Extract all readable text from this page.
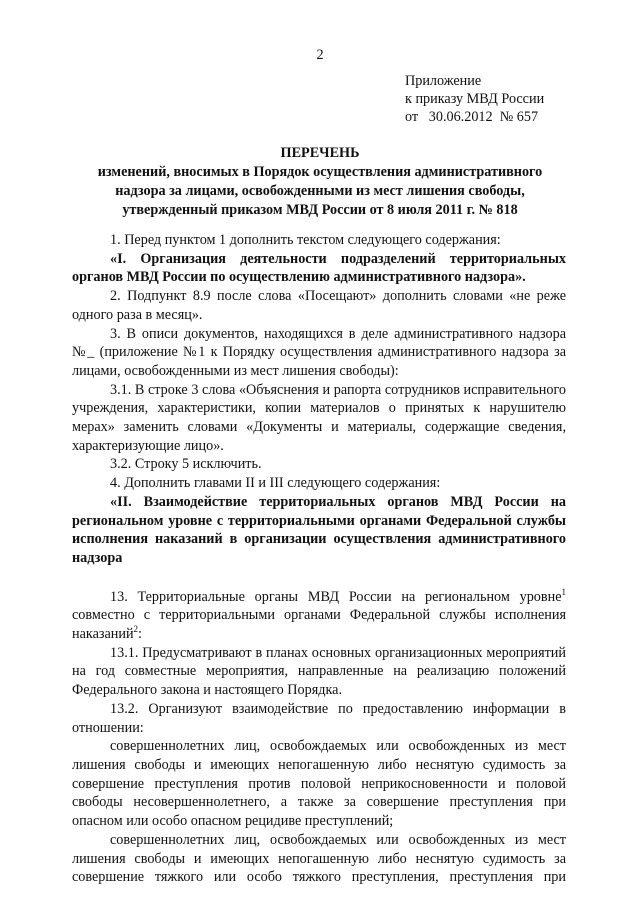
2
Приложение
к приказу МВД России
от 30.06.2012 № 657
ПЕРЕЧЕНЬ
изменений, вносимых в Порядок осуществления административного
надзора за лицами, освобожденными из мест лишения свободы,
утвержденный приказом МВД России от 8 июля 2011 г. № 818

1. Перед пунктом 1 дополнить текстом следующего содержания:

«I. Организация деятельности подразделений территориальных органов МВД России по осуществлению административного надзора».

2. Подпункт 8.9 после слова «Посещают» дополнить словами «не реже одного раза в месяц».

3. В описи документов, находящихся в деле административного надзора №_ (приложение №1 к Порядку осуществления административного надзора за лицами, освобожденными из мест лишения свободы):

3.1. В строке 3 слова «Объяснения и рапорта сотрудников исправительного учреждения, характеристики, копии материалов о принятых к нарушителю мерах» заменить словами «Документы и материалы, содержащие сведения, характеризующие лицо».

3.2. Строку 5 исключить.

4. Дополнить главами II и III следующего содержания:

«II. Взаимодействие территориальных органов МВД России на региональном уровне с территориальными органами Федеральной службы исполнения наказаний в организации осуществления административного надзора

13. Территориальные органы МВД России на региональном уровне$^1$ совместно с территориальными органами Федеральной службы исполнения наказаний$^2$:

13.1. Предусматривают в планах основных организационных мероприятий на год совместные мероприятия, направленные на реализацию положений Федерального закона и настоящего Порядка.

13.2. Организуют взаимодействие по предоставлению информации в отношении:

совершеннолетних лиц, освобождаемых или освобожденных из мест лишения свободы и имеющих непогашенную либо неснятую судимость за совершение преступления против половой неприкосновенности и половой свободы несовершеннолетнего, а также за совершение преступления при опасном или особо опасном рецидиве преступлений;

совершеннолетних лиц, освобождаемых или освобожденных из мест лишения свободы и имеющих непогашенную либо неснятую судимость за совершение тяжкого или особо тяжкого преступления, преступления при
